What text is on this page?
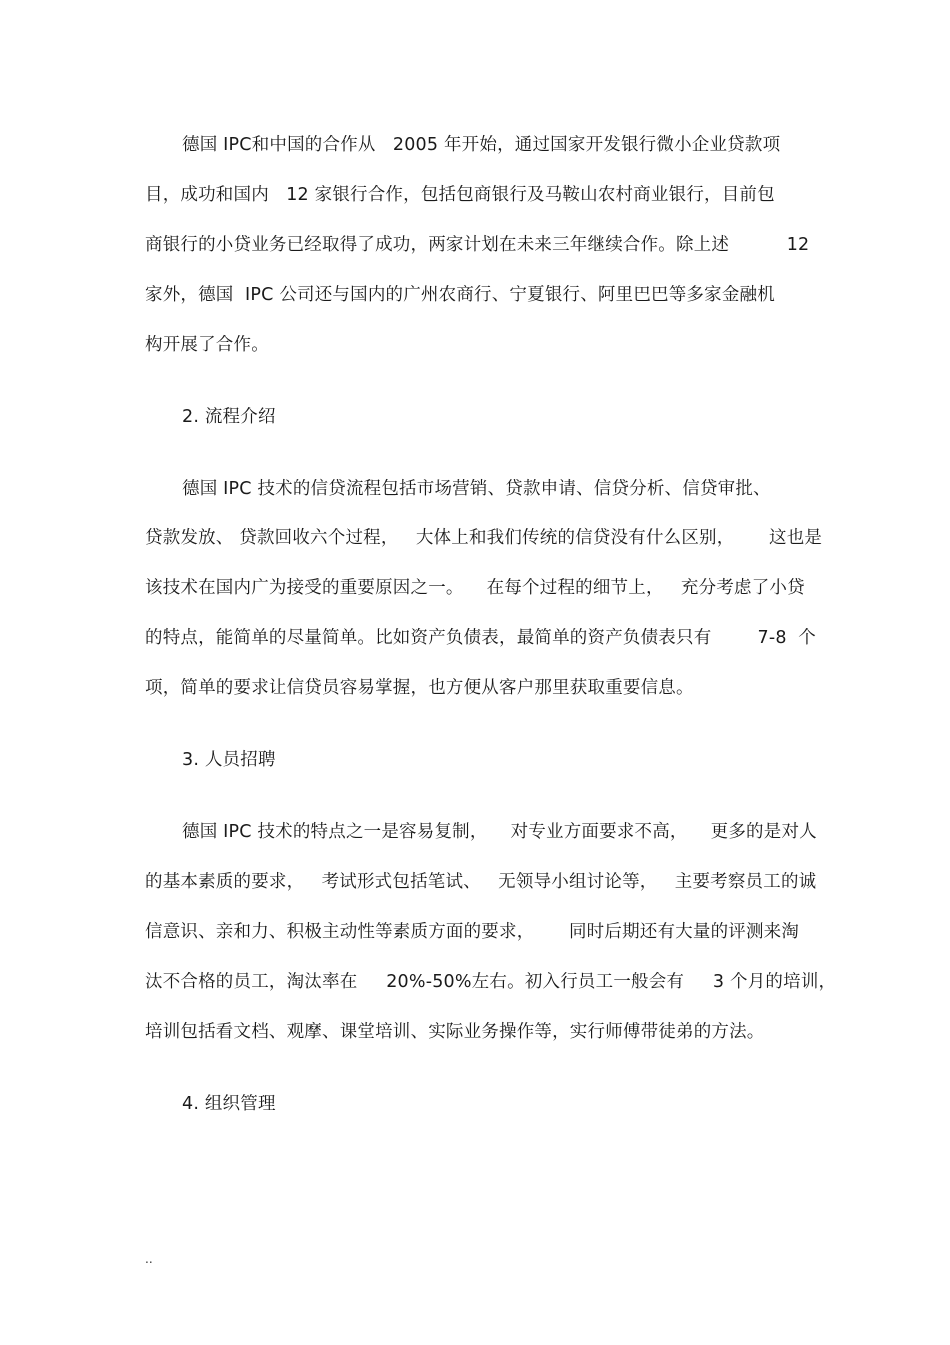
德国 IPC和中国的合作从   2005 年开始，通过国家开发银行微小企业贷款项
目，成功和国内   12 家银行合作，包括包商银行及马鞍山农村商业银行，目前包
商银行的小贷业务已经取得了成功，两家计划在未来三年继续合作。除上述          12
家外，德国  IPC 公司还与国内的广州农商行、宁夏银行、阿里巴巴等多家金融机
构开展了合作。
2. 流程介绍
德国 IPC 技术的信贷流程包括市场营销、贷款申请、信贷分析、信贷审批、
贷款发放、 贷款回收六个过程，   大体上和我们传统的信贷没有什么区别，      这也是
该技术在国内广为接受的重要原因之一。    在每个过程的细节上，   充分考虑了小贷
的特点，能简单的尽量简单。比如资产负债表，最简单的资产负债表只有        7-8  个
项，简单的要求让信贷员容易掌握，也方便从客户那里获取重要信息。
3. 人员招聘
德国 IPC 技术的特点之一是容易复制，    对专业方面要求不高，    更多的是对人
的基本素质的要求，   考试形式包括笔试、   无领导小组讨论等，   主要考察员工的诚
信意识、亲和力、积极主动性等素质方面的要求，      同时后期还有大量的评测来淘
汰不合格的员工，淘汰率在     20%-50%左右。初入行员工一般会有     3 个月的培训，
培训包括看文档、观摩、课堂培训、实际业务操作等，实行师傅带徒弟的方法。
4. 组织管理
..
